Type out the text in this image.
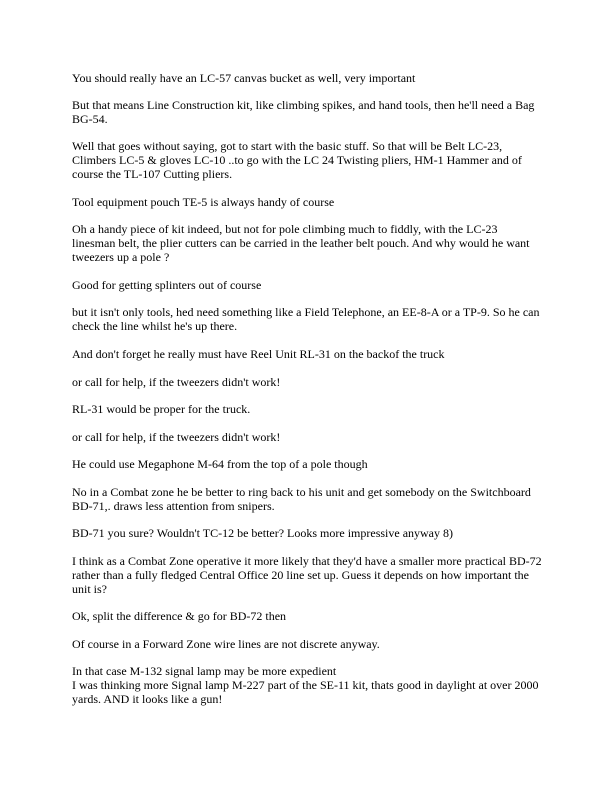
You should really have an LC-57 canvas bucket as well, very important

But that means Line Construction kit, like climbing spikes, and hand tools, then he'll need a Bag BG-54.

Well that goes without saying, got to start with the basic stuff. So that will be Belt LC-23, Climbers LC-5 & gloves LC-10 ..to go with the LC 24 Twisting pliers, HM-1 Hammer and of course the TL-107 Cutting pliers.

Tool equipment pouch TE-5 is always handy of course

Oh a handy piece of kit indeed, but not for pole climbing much to fiddly, with the LC-23 linesman belt, the plier cutters can be carried in the leather belt pouch. And why would he want tweezers up a pole ?

Good for getting splinters out of course

but it isn't only tools, hed need something like a Field Telephone, an EE-8-A or a TP-9. So he can check the line whilst he's up there.

And don't forget he really must have Reel Unit RL-31 on the backof the truck

or call for help, if the tweezers didn't work!

RL-31 would be proper for the truck.

or call for help, if the tweezers didn't work!

He could use Megaphone M-64 from the top of a pole though

No in a Combat zone he be better to ring back to his unit and get somebody on the Switchboard BD-71,. draws less attention from snipers.

BD-71 you sure? Wouldn't TC-12 be better? Looks more impressive anyway 8)

I think as a Combat Zone operative it more likely that they'd have a smaller more practical BD-72 rather than a fully fledged Central Office 20 line set up. Guess it depends on how important the unit is?

Ok, split the difference & go for BD-72 then

Of course in a Forward Zone wire lines are not discrete anyway.

In that case M-132 signal lamp may be more expedient

I was thinking more Signal lamp M-227 part of the SE-11 kit, thats good in daylight at over 2000 yards. AND it looks like a gun!
